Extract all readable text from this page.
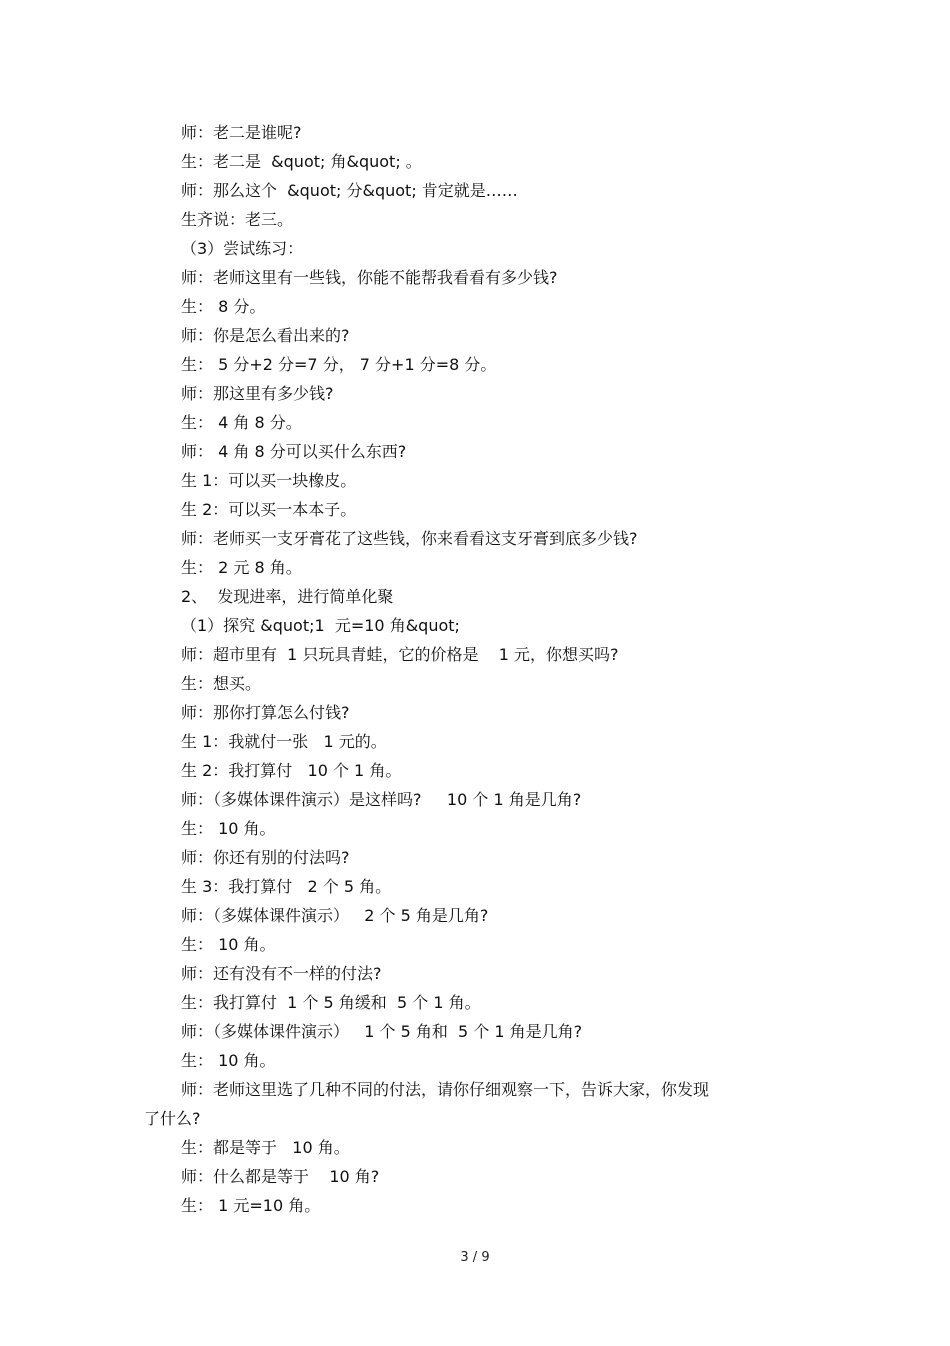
师：老二是谁呢?
生：老二是  &quot; 角&quot; 。
师：那么这个  &quot; 分&quot; 肯定就是……
生齐说：老三。
（3）尝试练习：
师：老师这里有一些钱，你能不能帮我看看有多少钱?
生： 8 分。
师：你是怎么看出来的?
生： 5 分+2 分=7 分， 7 分+1 分=8 分。
师：那这里有多少钱?
生： 4 角 8 分。
师： 4 角 8 分可以买什么东西?
生 1：可以买一块橡皮。
生 2：可以买一本本子。
师：老师买一支牙膏花了这些钱，你来看看这支牙膏到底多少钱?
生： 2 元 8 角。
2、  发现进率，进行简单化聚
（1）探究 &quot;1  元=10 角&quot;
师：超市里有  1 只玩具青蛙，它的价格是    1 元，你想买吗?
生：想买。
师：那你打算怎么付钱?
生 1：我就付一张   1 元的。
生 2：我打算付   10 个 1 角。
师：（多媒体课件演示）是这样吗?     10 个 1 角是几角?
生： 10 角。
师：你还有别的付法吗?
生 3：我打算付   2 个 5 角。
师：（多媒体课件演示）   2 个 5 角是几角?
生： 10 角。
师：还有没有不一样的付法?
生：我打算付  1 个 5 角缓和  5 个 1 角。
师：（多媒体课件演示）   1 个 5 角和  5 个 1 角是几角?
生： 10 角。
师：老师这里选了几种不同的付法，请你仔细观察一下，告诉大家，你发现
了什么?
生：都是等于   10 角。
师：什么都是等于    10 角?
生： 1 元=10 角。
3 / 9
